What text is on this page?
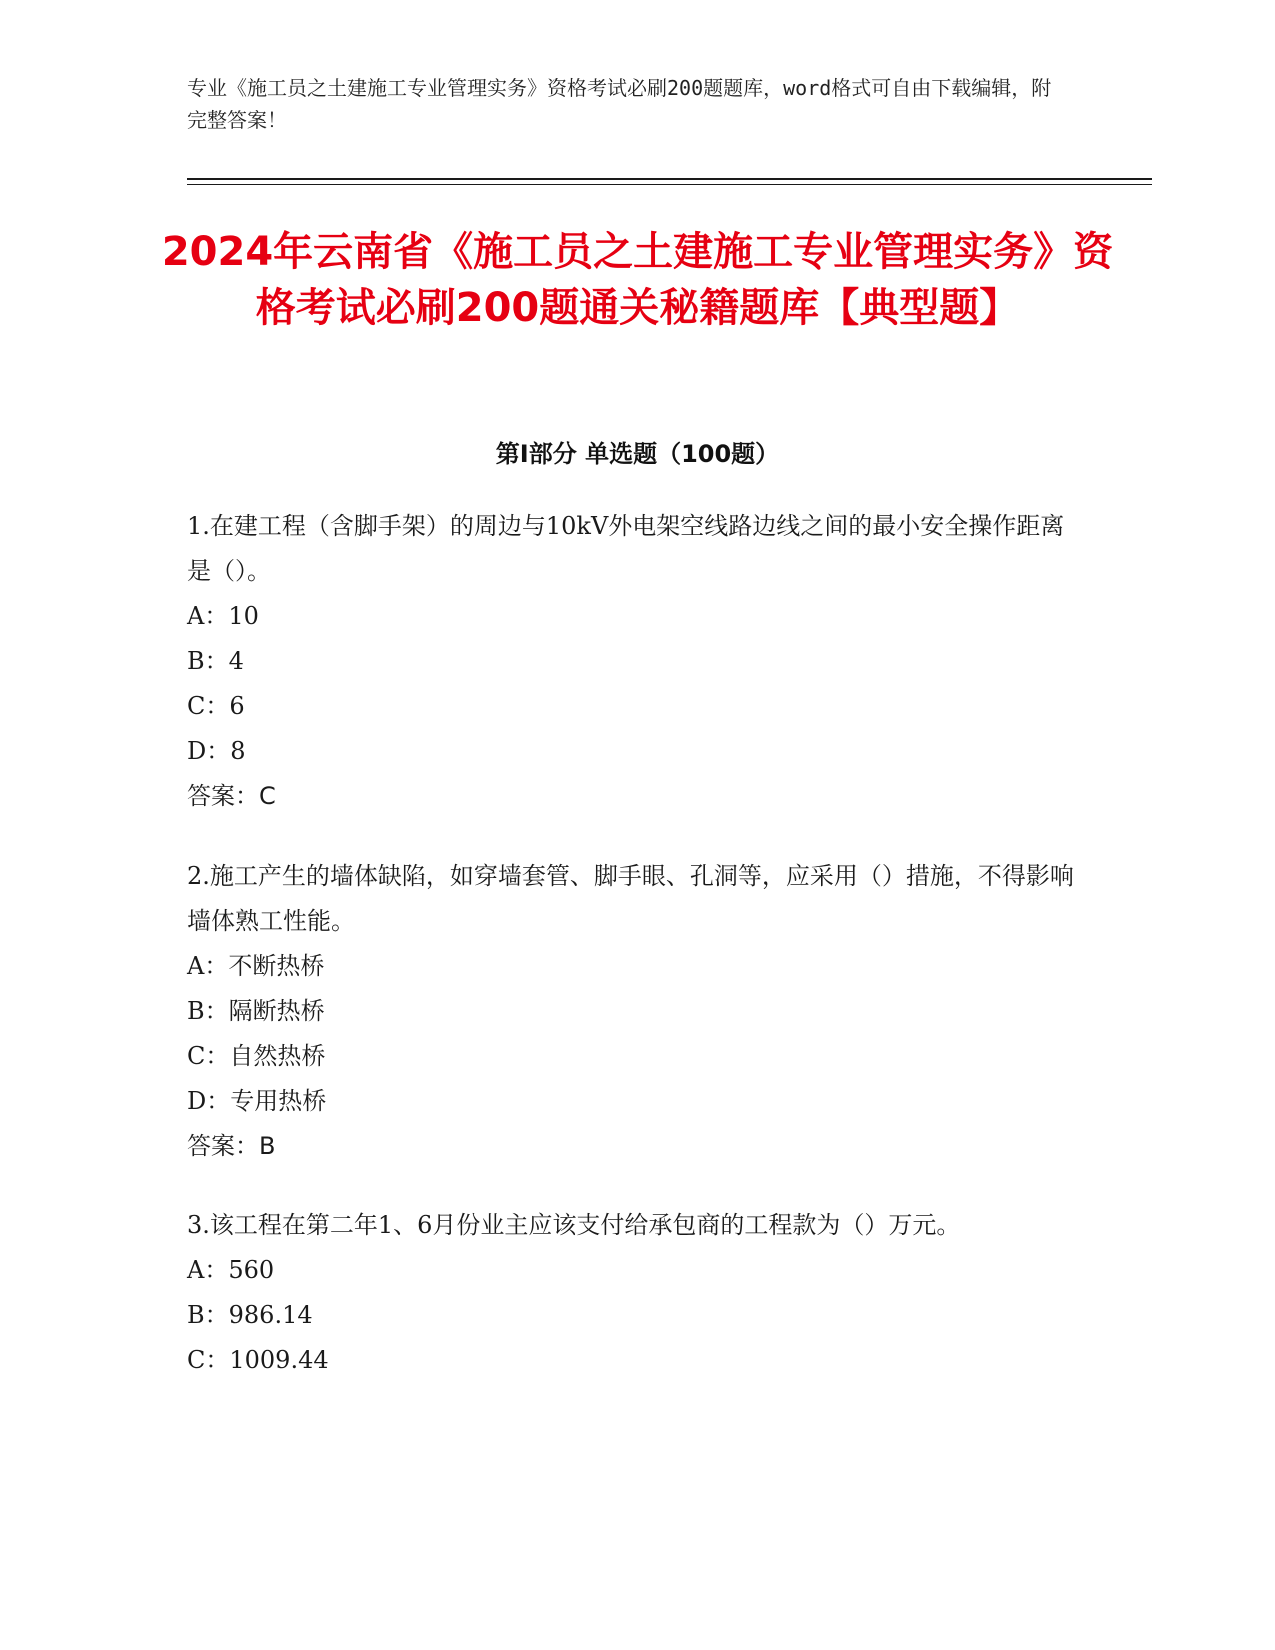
专业《施工员之土建施工专业管理实务》资格考试必刷200题题库，word格式可自由下载编辑，附完整答案！
2024年云南省《施工员之土建施工专业管理实务》资格考试必刷200题通关秘籍题库【典型题】
第I部分 单选题（100题）

1.在建工程（含脚手架）的周边与10kV外电架空线路边线之间的最小安全操作距离是（）。

A：10

B：4

C：6

D：8

答案：C

2.施工产生的墙体缺陷，如穿墙套管、脚手眼、孔洞等，应采用（）措施，不得影响墙体熟工性能。

A：不断热桥

B：隔断热桥

C：自然热桥

D：专用热桥

答案：B

3.该工程在第二年1、6月份业主应该支付给承包商的工程款为（）万元。

A：560

B：986.14

C：1009.44
